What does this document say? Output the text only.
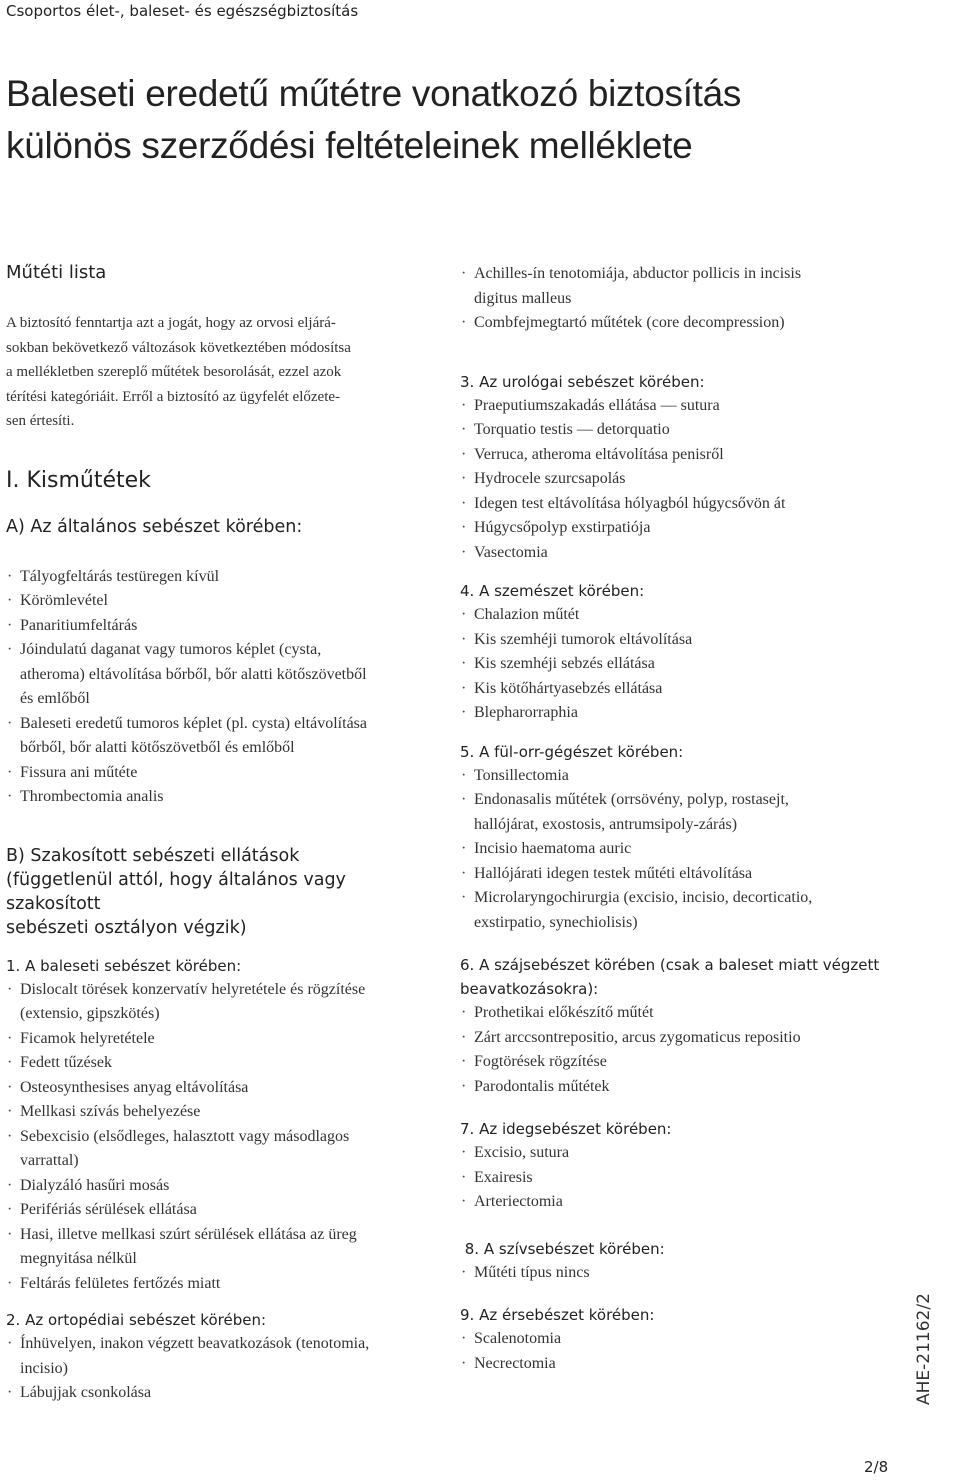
Csoportos élet-, baleset- és egészségbiztosítás
Baleseti eredetű műtétre vonatkozó biztosítás
különös szerződési feltételeinek melléklete
Műtéti lista
A biztosító fenntartja azt a jogát, hogy az orvosi eljárá-
sokban bekövetkező változások következtében módosítsa
a mellékletben szereplő műtétek besorolását, ezzel azok
térítési kategóriáit. Erről a biztosító az ügyfelét előzete-
sen értesíti.
I. Kisműtétek
A) Az általános sebészet körében:
· Tályogfeltárás testüregen kívül
· Körömlevétel
· Panaritiumfeltárás
· Jóindulatú daganat vagy tumoros képlet (cysta,
atheroma) eltávolítása bőrből, bőr alatti kötőszövetből
és emlőből
· Baleseti eredetű tumoros képlet (pl. cysta) eltávolítása
bőrből, bőr alatti kötőszövetből és emlőből
· Fissura ani műtéte
· Thrombectomia analis
B) Szakosított sebészeti ellátások
(függetlenül attól, hogy általános vagy szakosított
sebészeti osztályon végzik)
1. A baleseti sebészet körében:
· Dislocalt törések konzervatív helyretétele és rögzítése
(extensio, gipszkötés)
· Ficamok helyretétele
· Fedett tűzések
· Osteosynthesises anyag eltávolítása
· Mellkasi szívás behelyezése
· Sebexcisio (elsődleges, halasztott vagy másodlagos
varrattal)
· Dialyzáló hasűri mosás
· Perifériás sérülések ellátása
· Hasi, illetve mellkasi szúrt sérülések ellátása az üreg
megnyitása nélkül
· Feltárás felületes fertőzés miatt
2. Az ortopédiai sebészet körében:
· Ínhüvelyen, inakon végzett beavatkozások (tenotomia,
incisio)
· Lábujjak csonkolása
· Achilles-ín tenotomiája, abductor pollicis in incisis
digitus malleus
· Combfejmegtartó műtétek (core decompression)
3. Az urológai sebészet körében:
· Praeputiumszakadás ellátása — sutura
· Torquatio testis — detorquatio
· Verruca, atheroma eltávolítása penisről
· Hydrocele szurcsapolás
· Idegen test eltávolítása hólyagból húgycsővön át
· Húgycsőpolyp exstirpatiója
· Vasectomia
4. A szemészet körében:
· Chalazion műtét
· Kis szemhéji tumorok eltávolítása
· Kis szemhéji sebzés ellátása
· Kis kötőhártyasebzés ellátása
· Blepharorraphia
5. A fül-orr-gégészet körében:
· Tonsillectomia
· Endonasalis műtétek (orrsövény, polyp, rostasejt,
hallójárat, exostosis, antrumsipoly-zárás)
· Incisio haematoma auric
· Hallójárati idegen testek műtéti eltávolítása
· Microlaryngochirurgia (excisio, incisio, decorticatio,
exstirpatio, synechiolisis)
6. A szájsebészet körében (csak a baleset miatt végzett
beavatkozásokra):
· Prothetikai előkészítő műtét
· Zárt arccsontrepositio, arcus zygomaticus repositio
· Fogtörések rögzítése
· Parodontalis műtétek
7. Az idegsebészet körében:
· Excisio, sutura
· Exairesis
· Arteriectomia
8. A szívsebészet körében:
· Műtéti típus nincs
9. Az érsebészet körében:
· Scalenotomia
· Necrectomia	AHE-21162/2
2/8
